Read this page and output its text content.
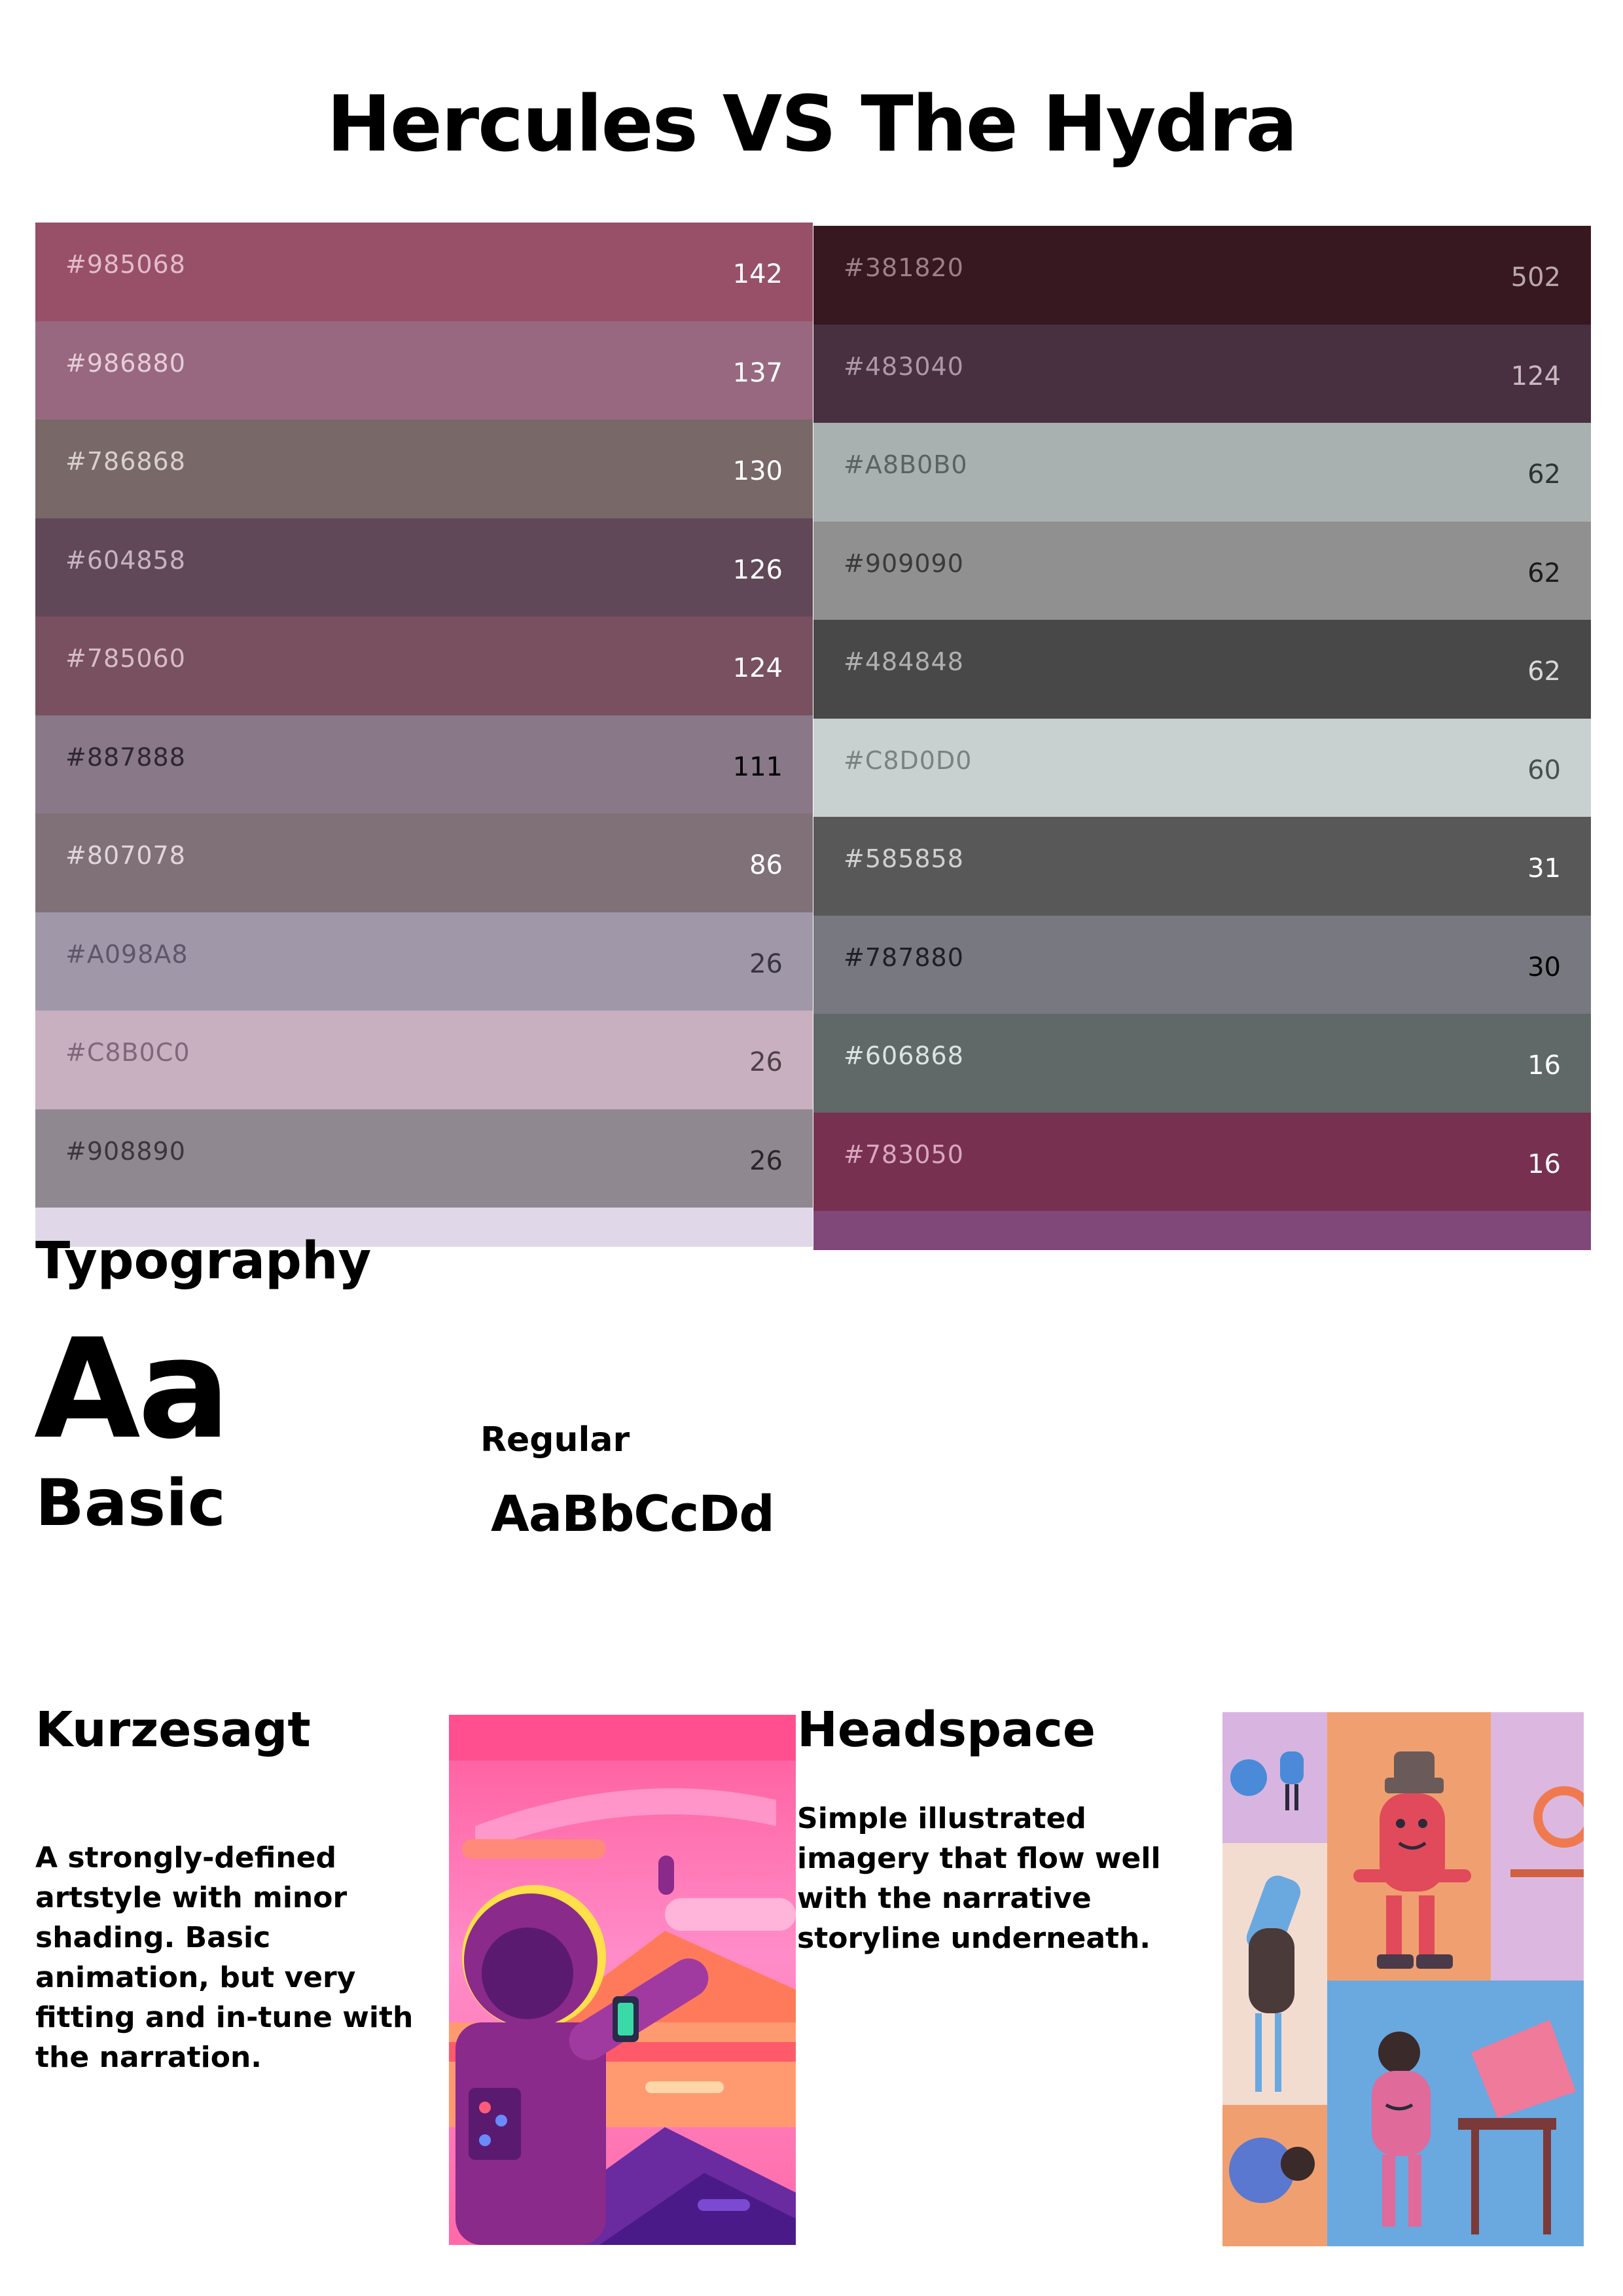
Hercules VS The Hydra
#985068	142
#986880	137
#786868	130
#604858	126
#785060	124
#887888	111
#807078	86
#A098A8	26
#C8B0C0	26
#908890	26
#381820	502
#483040	124
#A8B0B0	62
#909090	62
#484848	62
#C8D0D0	60
#585858	31
#787880	30
#606868	16
#783050	16
Typography
Aa
Basic
Regular
AaBbCcDd
Kurzesagt
A strongly-defined artstyle with minor shading. Basic animation, but very fitting and in-tune with the narration.
Headspace
Simple illustrated imagery that flow well with the narrative storyline underneath.
